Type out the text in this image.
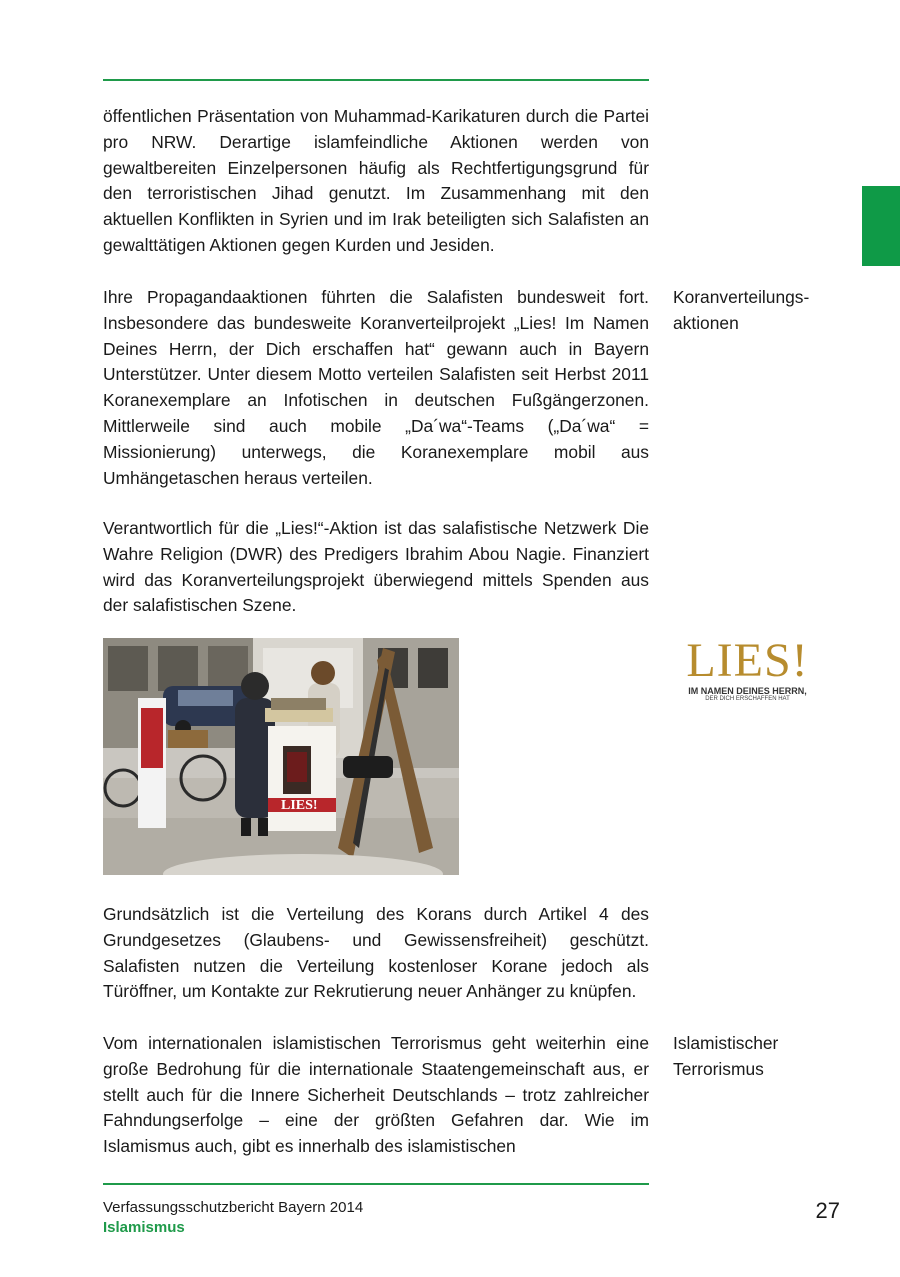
öffentlichen Präsentation von Muhammad-Karikaturen durch die Partei pro NRW. Derartige islamfeindliche Aktionen werden von gewaltbereiten Einzelpersonen häufig als Rechtfertigungsgrund für den terroristischen Jihad genutzt. Im Zusammenhang mit den aktuellen Konflikten in Syrien und im Irak beteiligten sich Salafisten an gewalttätigen Aktionen gegen Kurden und Jesiden.

Ihre Propagandaaktionen führten die Salafisten bundesweit fort. Insbesondere das bundesweite Koranverteilprojekt „Lies! Im Namen Deines Herrn, der Dich erschaffen hat“ gewann auch in Bayern Unterstützer. Unter diesem Motto verteilen Salafisten seit Herbst 2011 Koranexemplare an Infotischen in deutschen Fußgängerzonen. Mittlerweile sind auch mobile „Da´wa“-Teams („Da´wa“ = Missionierung) unterwegs, die Koranexemplare mobil aus Umhängetaschen heraus verteilen.

Verantwortlich für die „Lies!“-Aktion ist das salafistische Netzwerk Die Wahre Religion (DWR) des Predigers Ibrahim Abou Nagie. Finanziert wird das Koranverteilungsprojekt überwiegend mittels Spenden aus der salafistischen Szene.

Koranverteilungs-
aktionen
LIES!
LIES!
IM NAMEN DEINES HERRN,
DER DICH ERSCHAFFEN HAT

Grundsätzlich ist die Verteilung des Korans durch Artikel 4 des Grundgesetzes (Glaubens- und Gewissensfreiheit) geschützt. Salafisten nutzen die Verteilung kostenloser Korane jedoch als Türöffner, um Kontakte zur Rekrutierung neuer Anhänger zu knüpfen.

Vom internationalen islamistischen Terrorismus geht weiterhin eine große Bedrohung für die internationale Staatengemeinschaft aus, er stellt auch für die Innere Sicherheit Deutschlands – trotz zahlreicher Fahndungserfolge – eine der größten Gefahren dar. Wie im Islamismus auch, gibt es innerhalb des islamistischen

Islamistischer
Terrorismus
Verfassungsschutzbericht Bayern 2014
Islamismus
27
